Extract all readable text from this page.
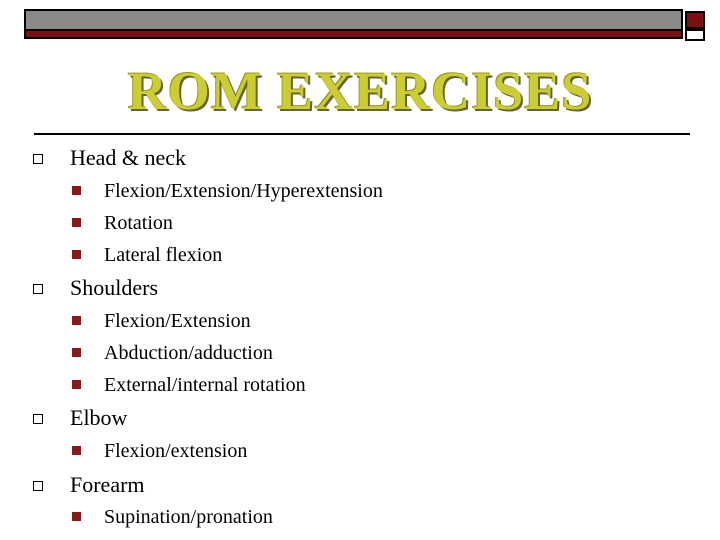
ROM EXERCISES
Head & neck
Flexion/Extension/Hyperextension
Rotation
Lateral flexion
Shoulders
Flexion/Extension
Abduction/adduction
External/internal rotation
Elbow
Flexion/extension
Forearm
Supination/pronation
